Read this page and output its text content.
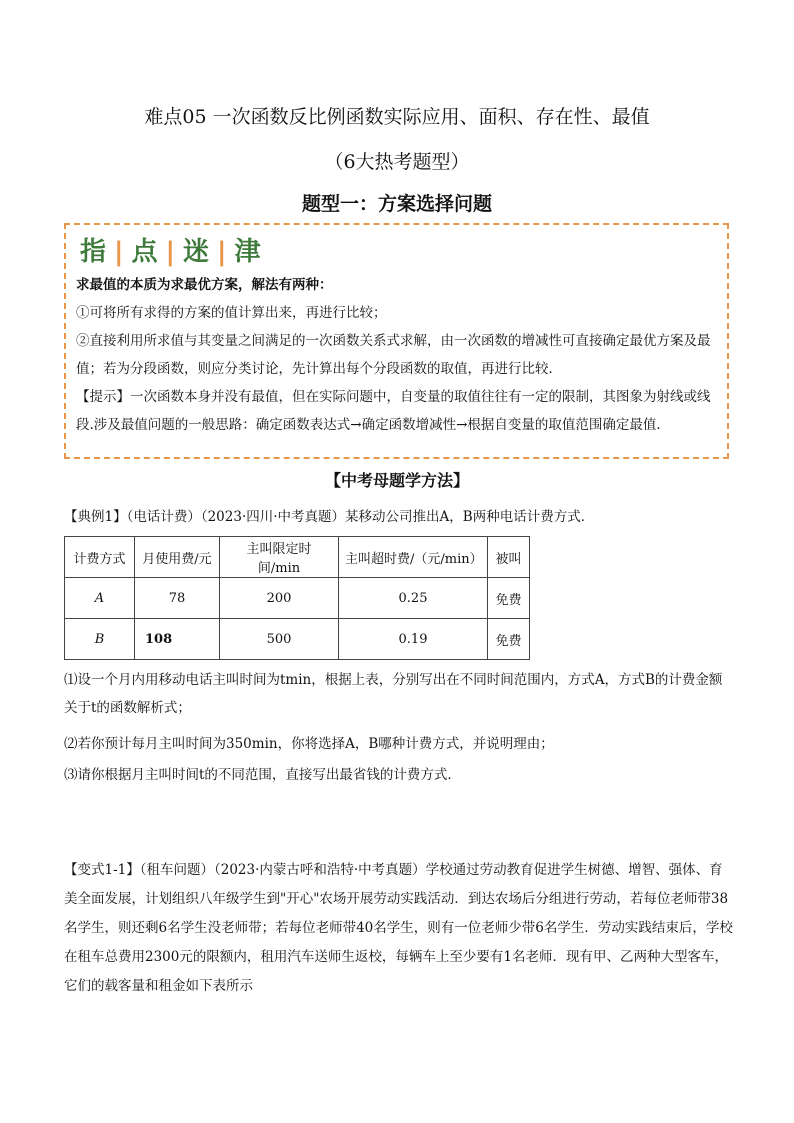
难点05 一次函数反比例函数实际应用、面积、存在性、最值
（6大热考题型）
题型一：方案选择问题
指 | 点 | 迷 | 津

求最值的本质为求最优方案，解法有两种：

①可将所有求得的方案的值计算出来，再进行比较；

②直接利用所求值与其变量之间满足的一次函数关系式求解，由一次函数的增减性可直接确定最优方案及最值；若为分段函数，则应分类讨论，先计算出每个分段函数的取值，再进行比较．

【提示】一次函数本身并没有最值，但在实际问题中，自变量的取值往往有一定的限制，其图象为射线或线段.涉及最值问题的一般思路：确定函数表达式→确定函数增减性→根据自变量的取值范围确定最值．

【中考母题学方法】
【典例1】（电话计费）（2023·四川·中考真题）某移动公司推出A，B两种电话计费方式．
计费方式	月使用费/元	主叫限定时间/min	主叫超时费/（元/min）	被叫
A	78	200	0.25	免费
B	108	500	0.19	免费
⑴设一个月内用移动电话主叫时间为tmin，根据上表，分别写出在不同时间范围内，方式A，方式B的计费金额关于t的函数解析式；
⑵若你预计每月主叫时间为350min，你将选择A，B哪种计费方式，并说明理由；
⑶请你根据月主叫时间t的不同范围，直接写出最省钱的计费方式．
【变式1-1】（租车问题）（2023·内蒙古呼和浩特·中考真题）学校通过劳动教育促进学生树德、增智、强体、育美全面发展，计划组织八年级学生到"开心"农场开展劳动实践活动．到达农场后分组进行劳动，若每位老师带38名学生，则还剩6名学生没老师带；若每位老师带40名学生，则有一位老师少带6名学生．劳动实践结束后，学校在租车总费用2300元的限额内，租用汽车送师生返校，每辆车上至少要有1名老师．现有甲、乙两种大型客车，它们的载客量和租金如下表所示
